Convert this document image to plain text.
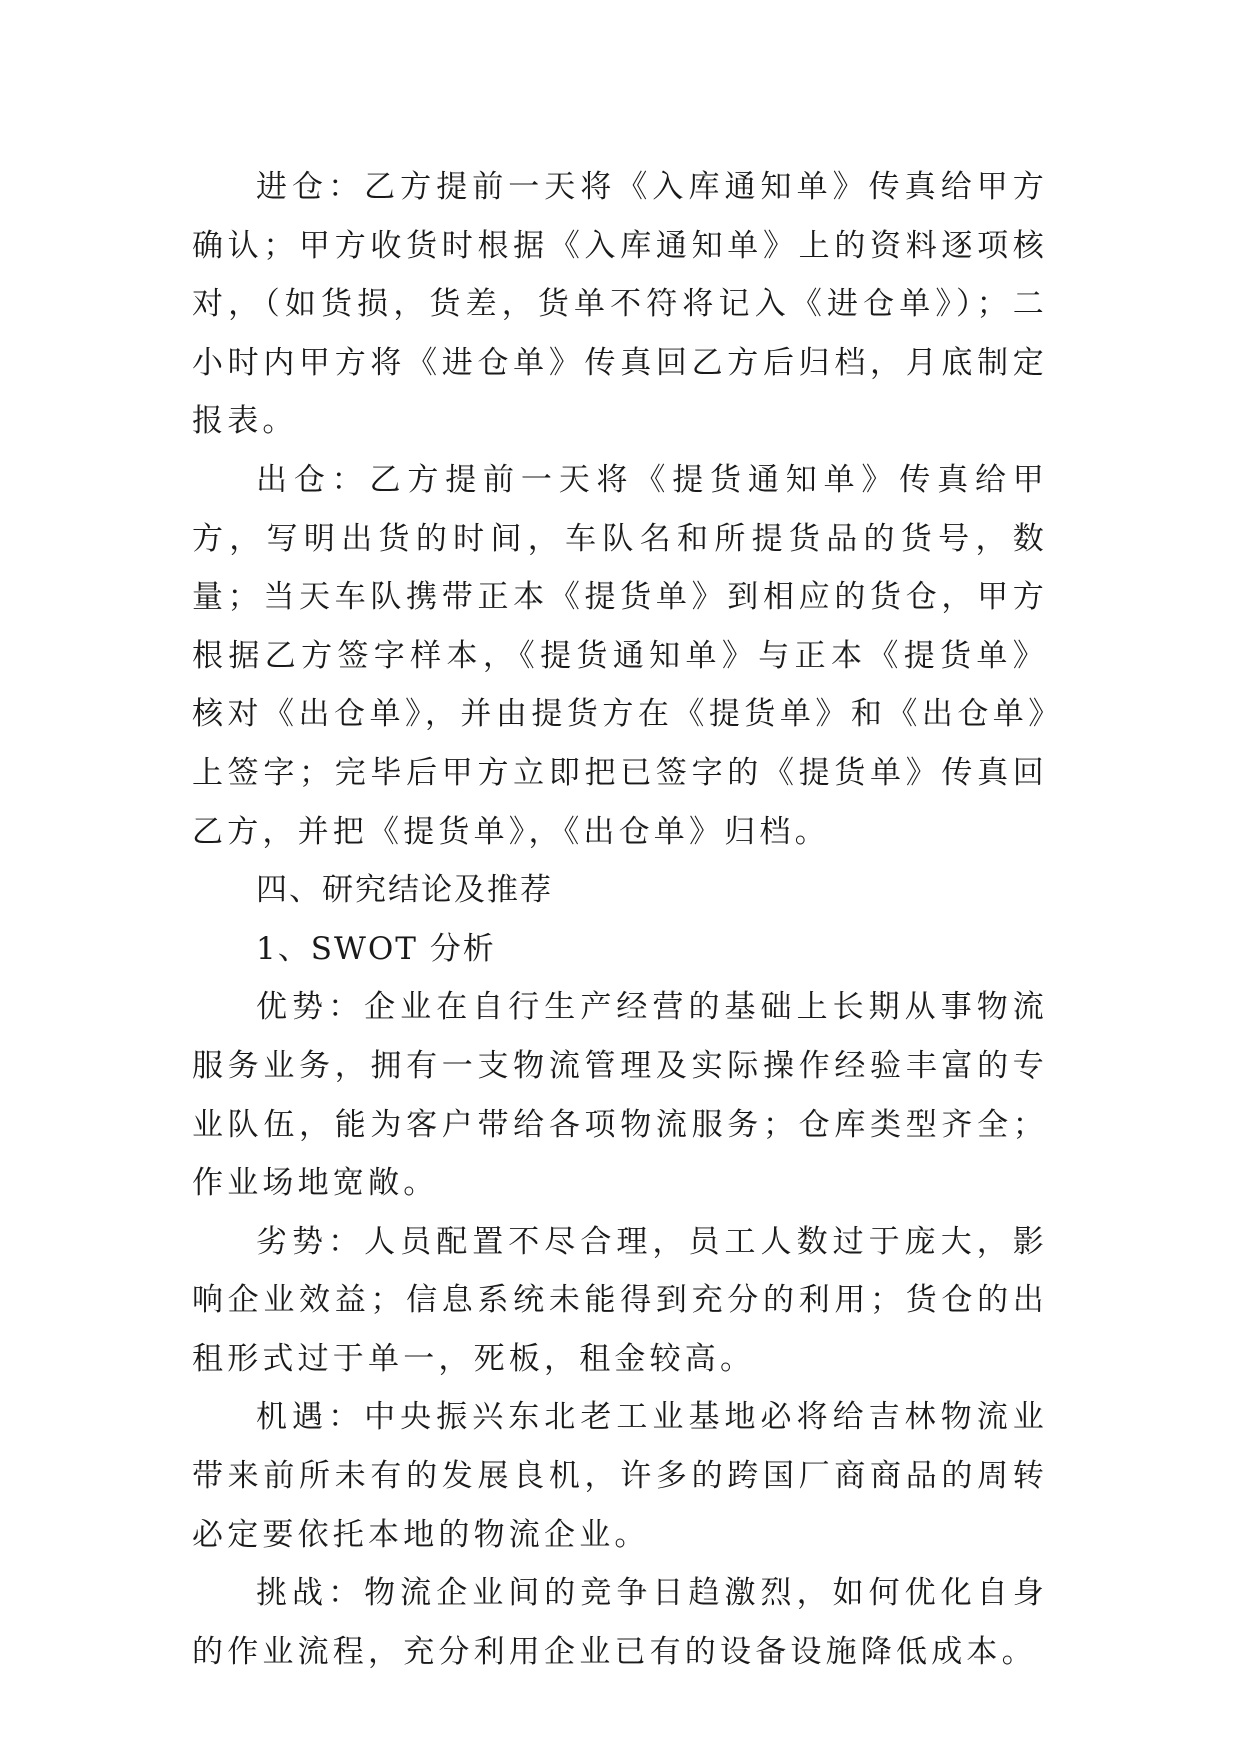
进仓：乙方提前一天将《入库通知单》传真给甲方确认；甲方收货时根据《入库通知单》上的资料逐项核对，（如货损，货差，货单不符将记入《进仓单》）；二小时内甲方将《进仓单》传真回乙方后归档，月底制定报表。

出仓：乙方提前一天将《提货通知单》传真给甲方，写明出货的时间，车队名和所提货品的货号，数量；当天车队携带正本《提货单》到相应的货仓，甲方根据乙方签字样本，《提货通知单》与正本《提货单》核对《出仓单》，并由提货方在《提货单》和《出仓单》上签字；完毕后甲方立即把已签字的《提货单》传真回乙方，并把《提货单》，《出仓单》归档。

四、研究结论及推荐

1、SWOT 分析

优势：企业在自行生产经营的基础上长期从事物流服务业务，拥有一支物流管理及实际操作经验丰富的专业队伍，能为客户带给各项物流服务；仓库类型齐全；作业场地宽敞。

劣势：人员配置不尽合理，员工人数过于庞大，影响企业效益；信息系统未能得到充分的利用；货仓的出租形式过于单一，死板，租金较高。

机遇：中央振兴东北老工业基地必将给吉林物流业带来前所未有的发展良机，许多的跨国厂商商品的周转必定要依托本地的物流企业。

挑战：物流企业间的竞争日趋激烈，如何优化自身的作业流程，充分利用企业已有的设备设施降低成本。
